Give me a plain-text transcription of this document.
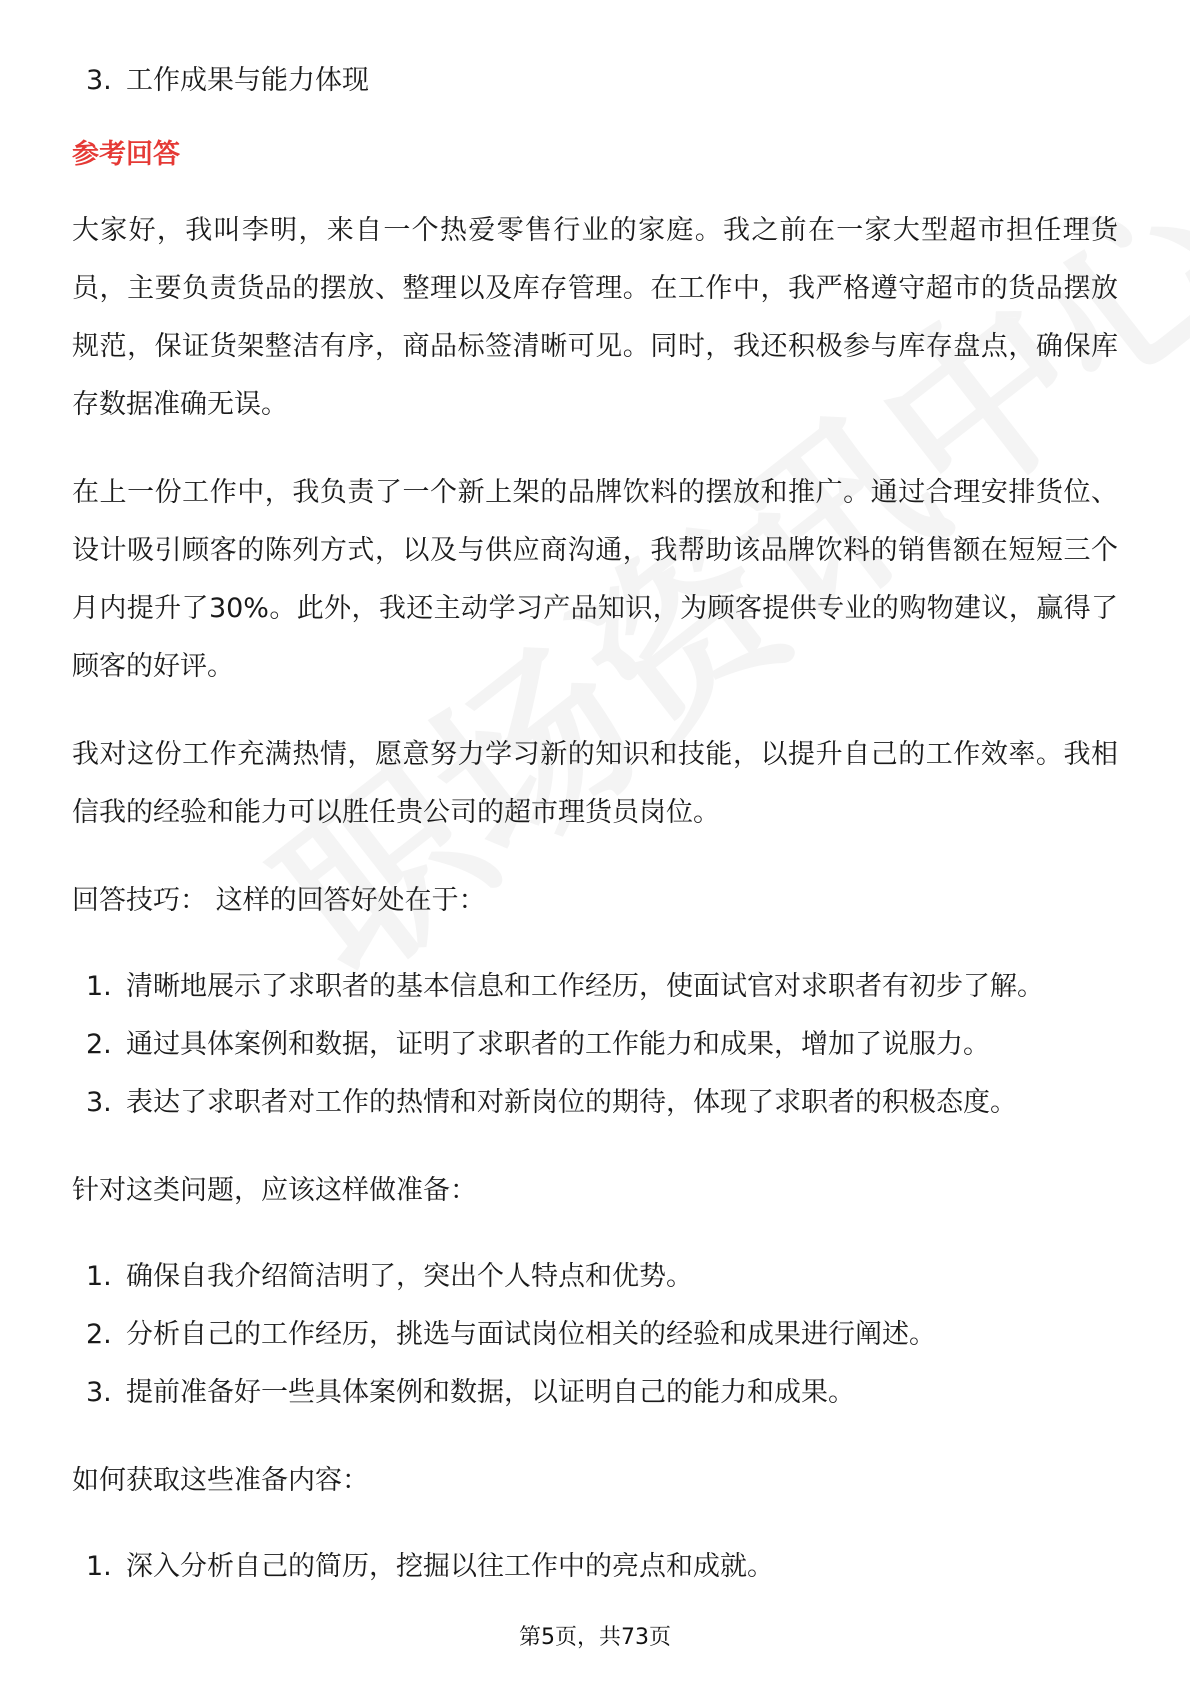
3. 工作成果与能力体现
参考回答

大家好，我叫李明，来自一个热爱零售行业的家庭。我之前在一家大型超市担任理货员，主要负责货品的摆放、整理以及库存管理。在工作中，我严格遵守超市的货品摆放规范，保证货架整洁有序，商品标签清晰可见。同时，我还积极参与库存盘点，确保库存数据准确无误。

在上一份工作中，我负责了一个新上架的品牌饮料的摆放和推广。通过合理安排货位、设计吸引顾客的陈列方式，以及与供应商沟通，我帮助该品牌饮料的销售额在短短三个月内提升了30%。此外，我还主动学习产品知识，为顾客提供专业的购物建议，赢得了顾客的好评。

我对这份工作充满热情，愿意努力学习新的知识和技能，以提升自己的工作效率。我相信我的经验和能力可以胜任贵公司的超市理货员岗位。

回答技巧： 这样的回答好处在于：

1. 清晰地展示了求职者的基本信息和工作经历，使面试官对求职者有初步了解。
2. 通过具体案例和数据，证明了求职者的工作能力和成果，增加了说服力。
3. 表达了求职者对工作的热情和对新岗位的期待，体现了求职者的积极态度。

针对这类问题，应该这样做准备：

1. 确保自我介绍简洁明了，突出个人特点和优势。
2. 分析自己的工作经历，挑选与面试岗位相关的经验和成果进行阐述。
3. 提前准备好一些具体案例和数据，以证明自己的能力和成果。

如何获取这些准备内容：

1. 深入分析自己的简历，挖掘以往工作中的亮点和成就。
第5页，共73页
